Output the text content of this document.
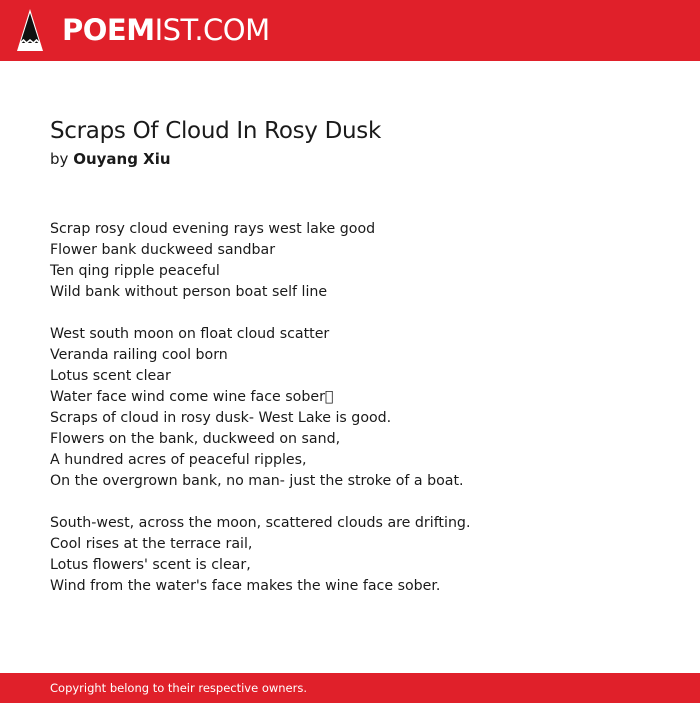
POEMIST.COM
Scraps Of Cloud In Rosy Dusk
by Ouyang Xiu
Scrap rosy cloud evening rays west lake good
Flower bank duckweed sandbar
Ten qing ripple peaceful
Wild bank without person boat self line
West south moon on float cloud scatter
Veranda railing cool born
Lotus scent clear
Water face wind come wine face sober 
Scraps of cloud in rosy dusk- West Lake is good.
Flowers on the bank, duckweed on sand,
A hundred acres of peaceful ripples,
On the overgrown bank, no man- just the stroke of a boat.
South-west, across the moon, scattered clouds are drifting.
Cool rises at the terrace rail,
Lotus flowers' scent is clear,
Wind from the water's face makes the wine face sober.
Copyright belong to their respective owners.
